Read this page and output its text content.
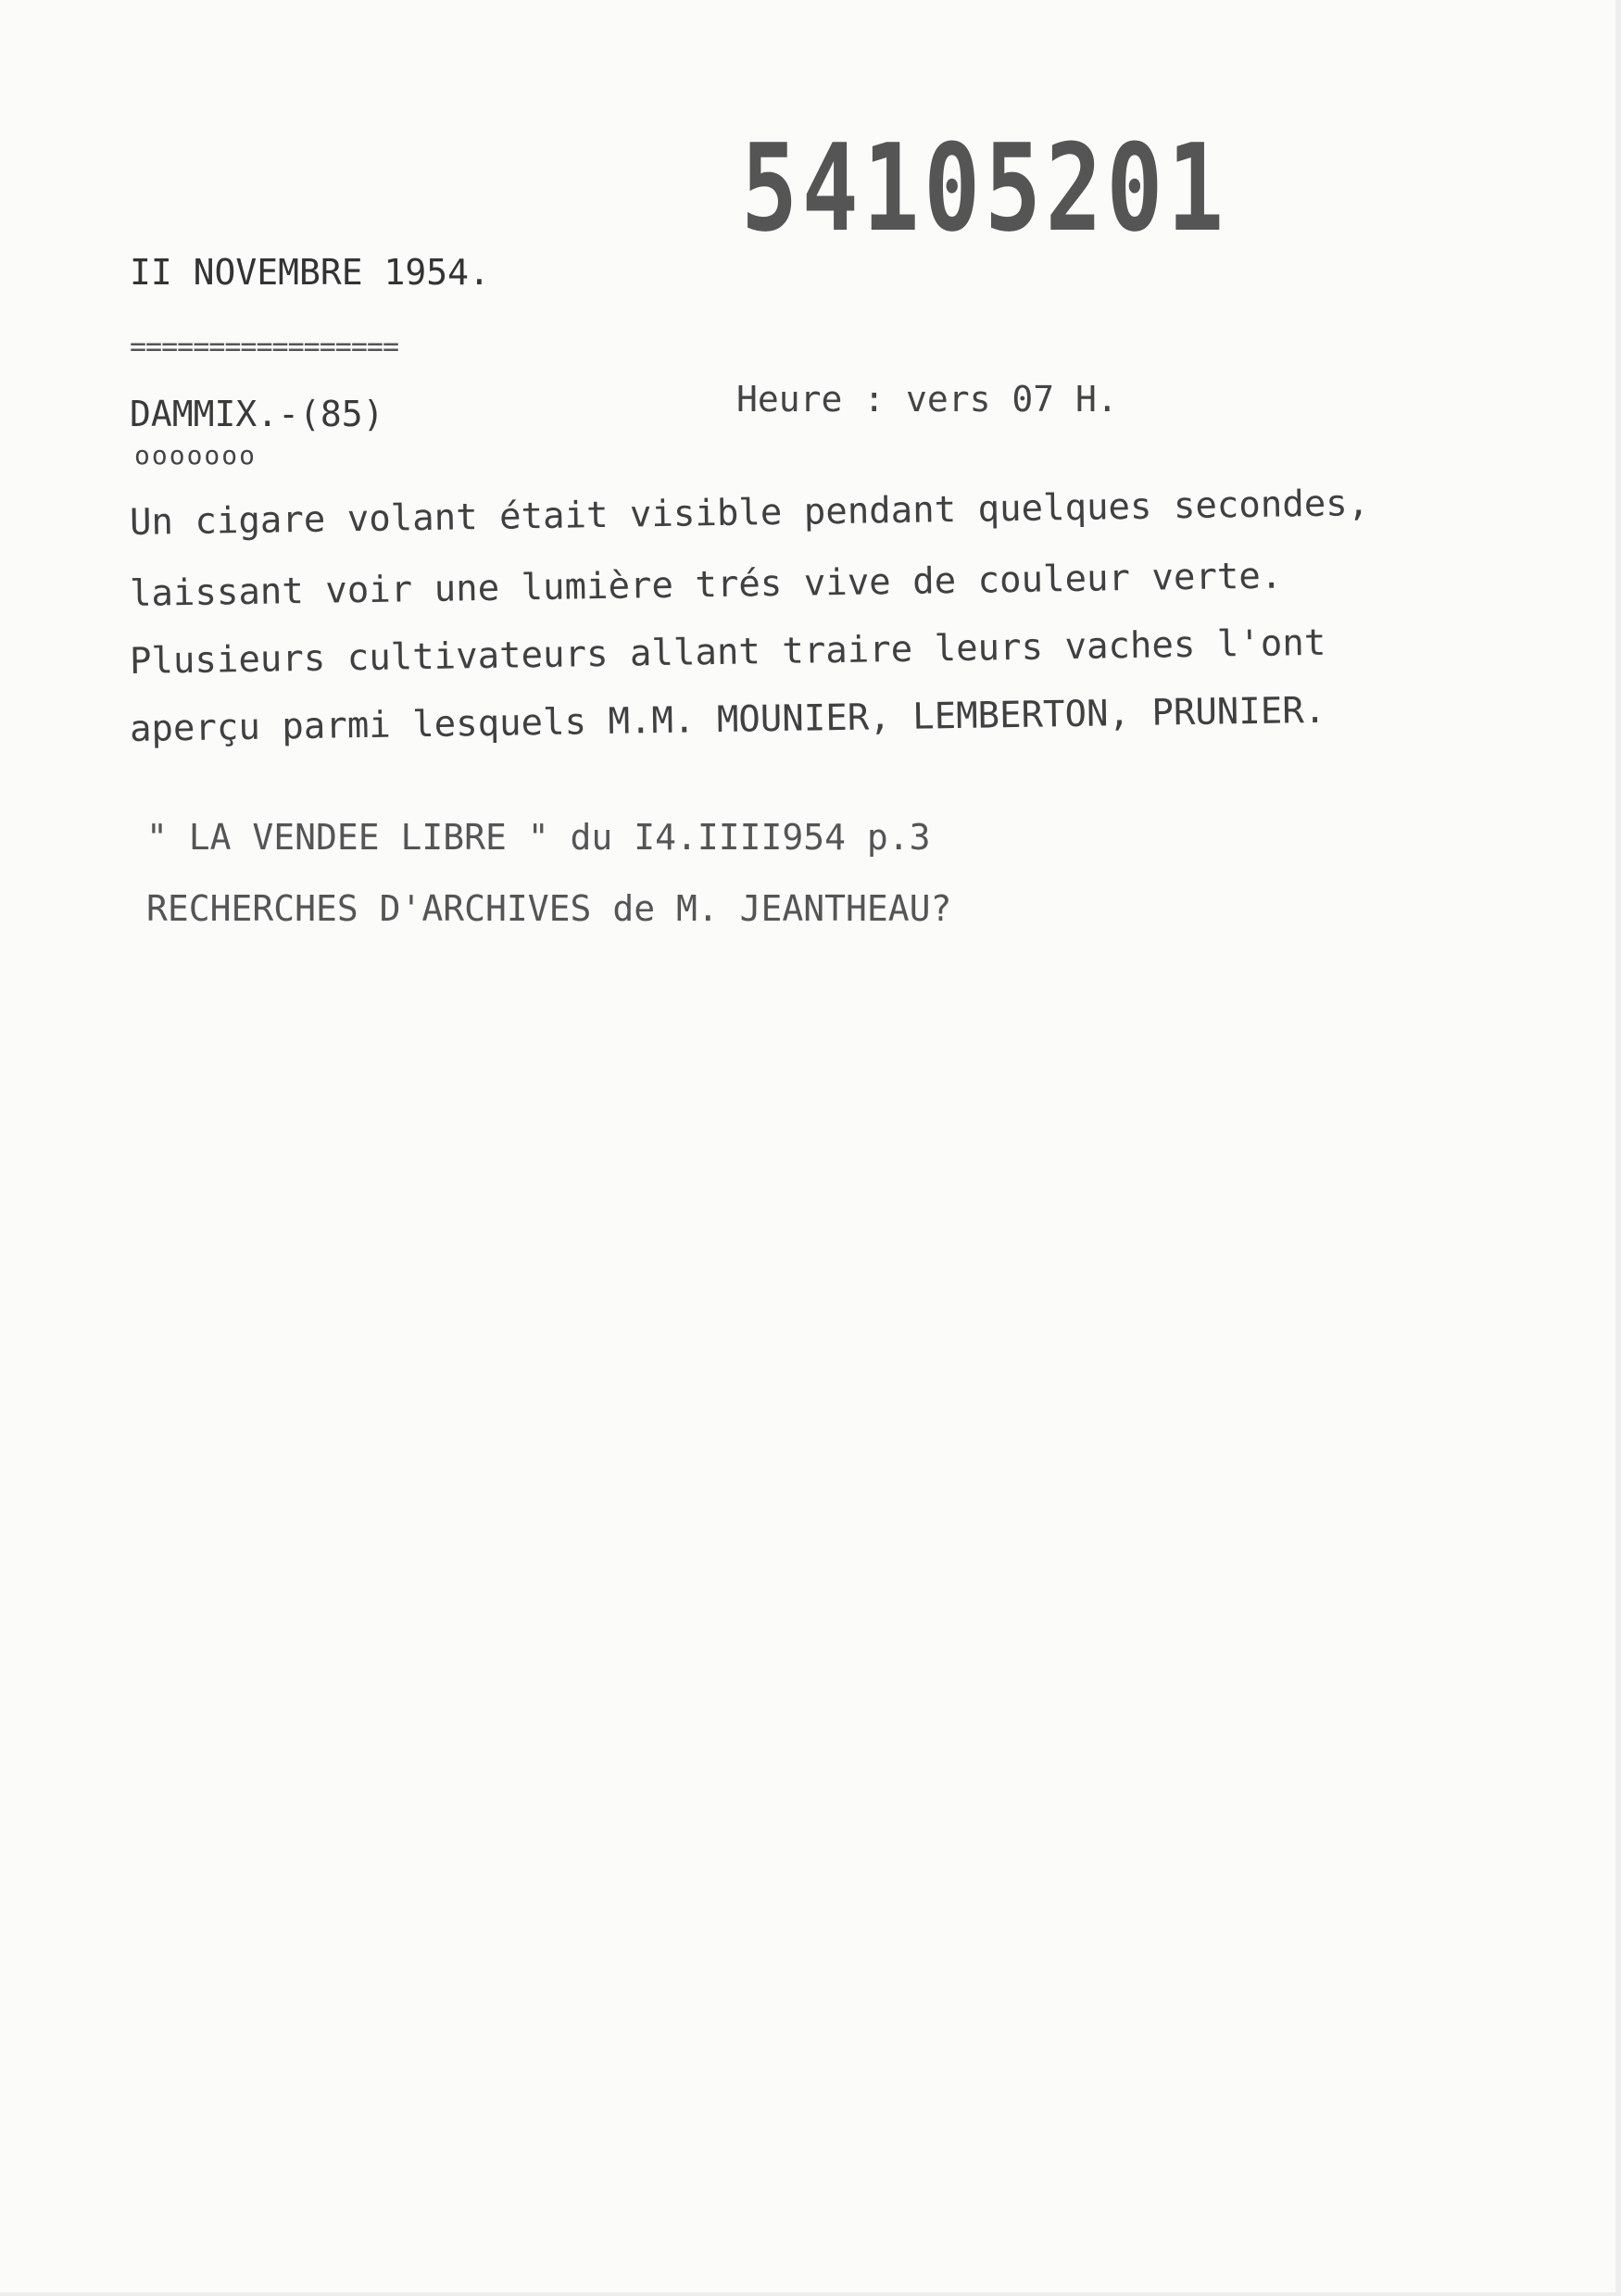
54105201
II NOVEMBRE 1954.
=================
DAMMIX.-(85)	Heure : vers 07 H.
ooooooo
Un cigare volant était visible pendant quelques secondes,
laissant voir une lumière trés vive de couleur verte.
Plusieurs cultivateurs allant traire leurs vaches l'ont
aperçu parmi lesquels M.M. MOUNIER, LEMBERTON, PRUNIER.
" LA VENDEE LIBRE " du I4.IIII954 p.3
RECHERCHES D'ARCHIVES de M. JEANTHEAU?
